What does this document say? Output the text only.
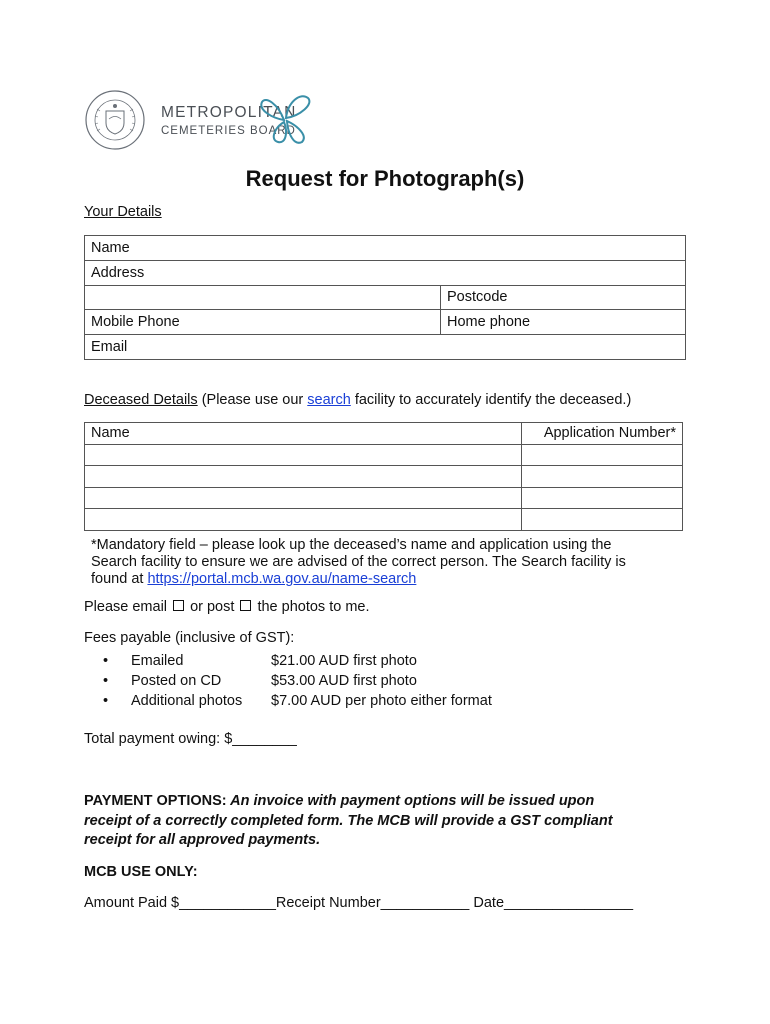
METROPOLITAN
CEMETERIES BOARD
Request for Photograph(s)
Your Details
Name	
Address	
	Postcode
Mobile Phone	Home phone
Email	
Deceased Details (Please use our search facility to accurately identify the deceased.)
Name	Application Number*

*Mandatory field – please look up the deceased’s name and application using the
Search facility to ensure we are advised of the correct person. The Search facility is
found at https://portal.mcb.wa.gov.au/name-search
Please email  or post  the photos to me.
Fees payable (inclusive of GST):
•	Emailed	$21.00 AUD first photo
•	Posted on CD	$53.00 AUD first photo
•	Additional photos	$7.00 AUD per photo either format
Total payment owing: $________
PAYMENT OPTIONS: An invoice with payment options will be issued upon
receipt of a correctly completed form. The MCB will provide a GST compliant
receipt for all approved payments.
MCB USE ONLY:
Amount Paid $____________Receipt Number___________ Date________________
